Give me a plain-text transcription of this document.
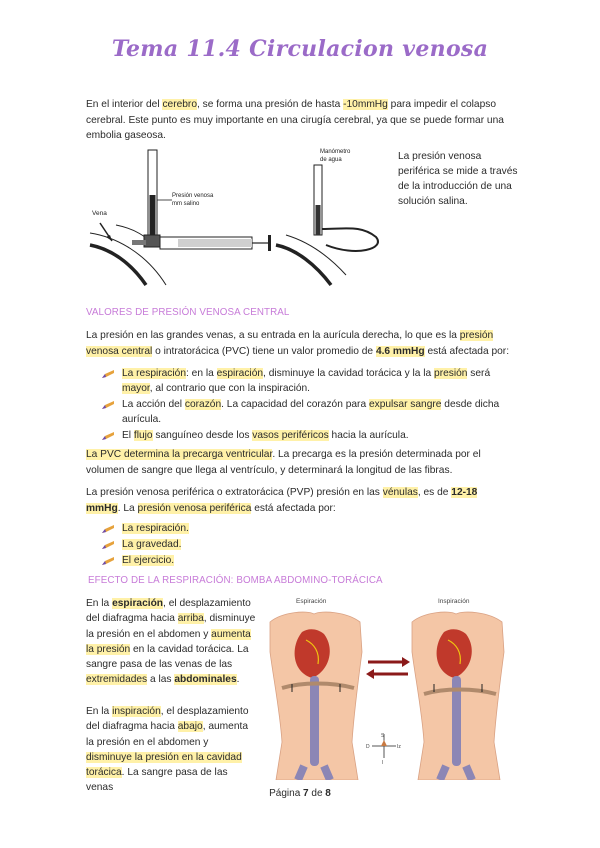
Tema 11.4 Circulacion venosa
En el interior del cerebro, se forma una presión de hasta -10mmHg para impedir el colapso cerebral. Este punto es muy importante en una cirugía cerebral, ya que se puede formar una embolia gaseosa.
Vena
Presión venosa
mm salino
Manómetro
de agua	La presión venosa periférica se mide a través de la introducción de una solución salina.
VALORES DE PRESIÓN VENOSA CENTRAL
La presión en las grandes venas, a su entrada en la aurícula derecha, lo que es la presión venosa central o intratorácica (PVC) tiene un valor promedio de 4.6 mmHg está afectada por:
La respiración: en la espiración, disminuye la cavidad torácica y la la presión será mayor, al contrario que con la inspiración.
La acción del corazón. La capacidad del corazón para expulsar sangre desde dicha aurícula.
El flujo sanguíneo desde los vasos periféricos hacia la aurícula.
La PVC determina la precarga ventricular. La precarga es la presión determinada por el volumen de sangre que llega al ventrículo, y determinará la longitud de las fibras.
La presión venosa periférica o extratorácica (PVP) presión en las vénulas, es de 12-18 mmHg. La presión venosa periférica está afectada por:
La respiración.
La gravedad.
El ejercicio.
EFECTO DE LA RESPIRACIÓN: BOMBA ABDOMINO-TORÁCICA
En la espiración, el desplazamiento del diafragma hacia arriba, disminuye la presión en el abdomen y aumenta la presión en la cavidad torácica. La sangre pasa de las venas de las extremidades a las abdominales.
En la inspiración, el desplazamiento del diafragma hacia abajo, aumenta la presión en el abdomen y disminuye la presión en la cavidad torácica. La sangre pasa de las venas
Espiración	Inspiración
S
D	Iz
I
Página 7 de 8
